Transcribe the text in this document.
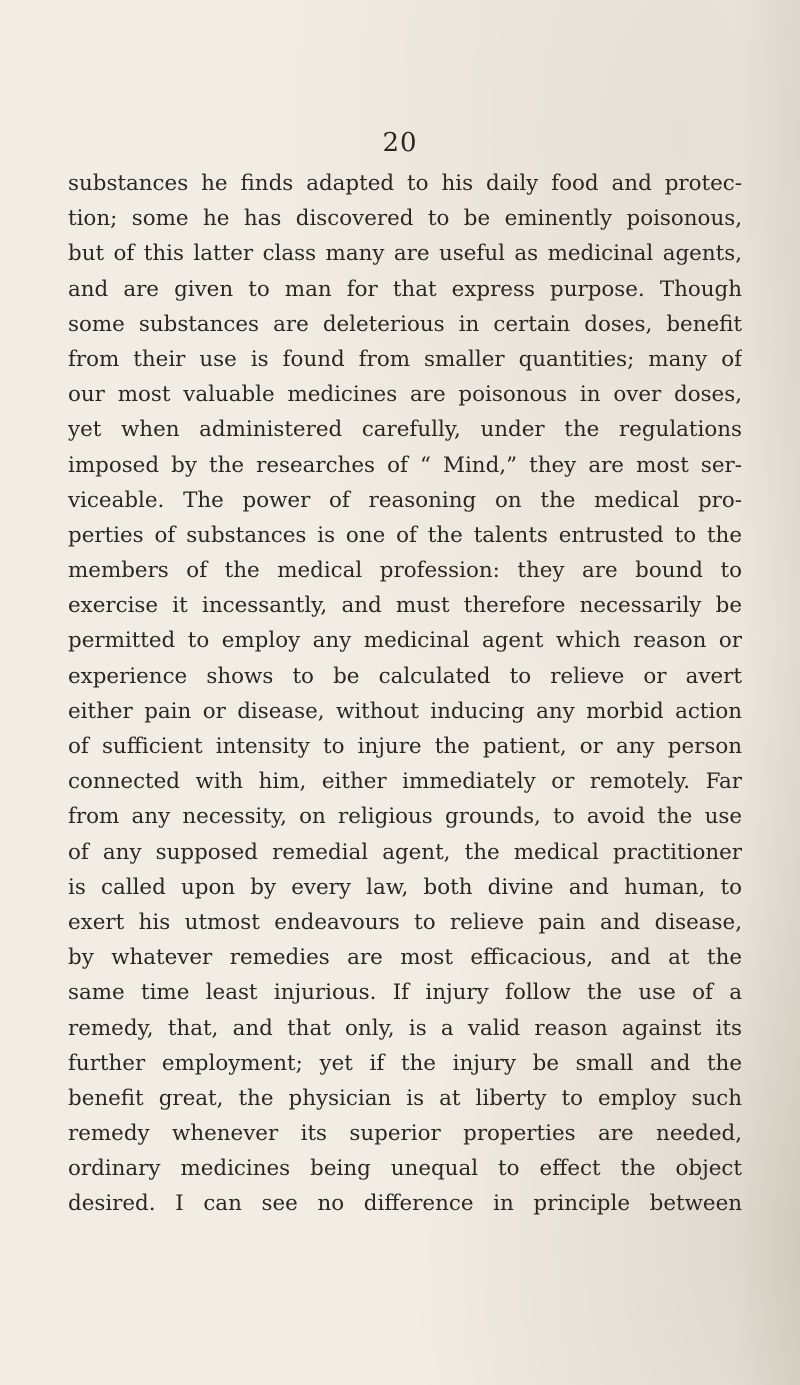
20
substances he finds adapted to his daily food and protec-
tion; some he has discovered to be eminently poisonous,
but of this latter class many are useful as medicinal agents,
and are given to man for that express purpose. Though
some substances are deleterious in certain doses, benefit
from their use is found from smaller quantities; many of
our most valuable medicines are poisonous in over doses,
yet when administered carefully, under the regulations
imposed by the researches of “ Mind,” they are most ser-
viceable. The power of reasoning on the medical pro-
perties of substances is one of the talents entrusted to the
members of the medical profession: they are bound to
exercise it incessantly, and must therefore necessarily be
permitted to employ any medicinal agent which reason or
experience shows to be calculated to relieve or avert
either pain or disease, without inducing any morbid action
of sufficient intensity to injure the patient, or any person
connected with him, either immediately or remotely. Far
from any necessity, on religious grounds, to avoid the use
of any supposed remedial agent, the medical practitioner
is called upon by every law, both divine and human, to
exert his utmost endeavours to relieve pain and disease,
by whatever remedies are most efficacious, and at the
same time least injurious. If injury follow the use of a
remedy, that, and that only, is a valid reason against its
further employment; yet if the injury be small and the
benefit great, the physician is at liberty to employ such
remedy whenever its superior properties are needed,
ordinary medicines being unequal to effect the object
desired. I can see no difference in principle between
